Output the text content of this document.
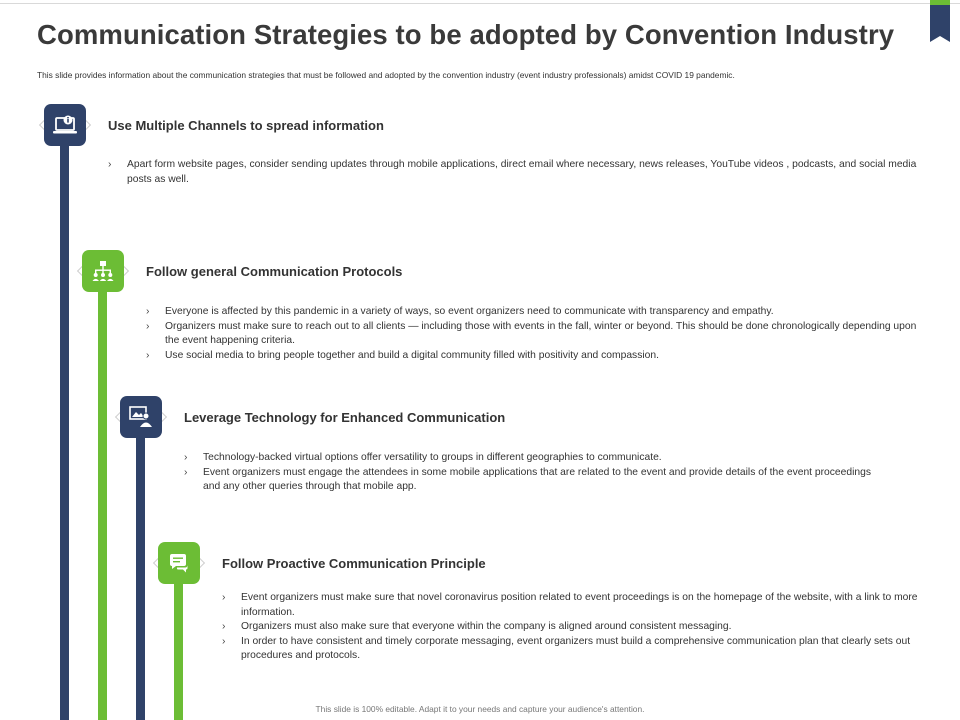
Communication Strategies to be adopted by Convention Industry

This slide provides information about the communication strategies that must be followed and adopted by the convention industry (event industry professionals) amidst COVID 19 pandemic.

Use Multiple Channels to spread information
› Apart form website pages, consider sending updates through mobile applications, direct email where necessary, news releases, YouTube videos , podcasts, and social media posts as well.
Follow general Communication Protocols
› Everyone is affected by this pandemic in a variety of ways, so event organizers need to communicate with transparency and empathy.
› Organizers must make sure to reach out to all clients — including those with events in the fall, winter or beyond. This should be done chronologically depending upon the event happening criteria.
› Use social media to bring people together and build a digital community filled with positivity and compassion.
Leverage Technology for Enhanced Communication
› Technology-backed virtual options offer versatility to groups in different geographies to communicate.
› Event organizers must engage the attendees in some mobile applications that are related to the event and provide details of the event proceedings and any other queries through that mobile app.
Follow Proactive Communication Principle
› Event organizers must make sure that novel coronavirus position related to event proceedings is on the homepage of the website, with a link to more information.
› Organizers must also make sure that everyone within the company is aligned around consistent messaging.
› In order to have consistent and timely corporate messaging, event organizers must build a comprehensive communication plan that clearly sets out procedures and protocols.
This slide is 100% editable. Adapt it to your needs and capture your audience's attention.
